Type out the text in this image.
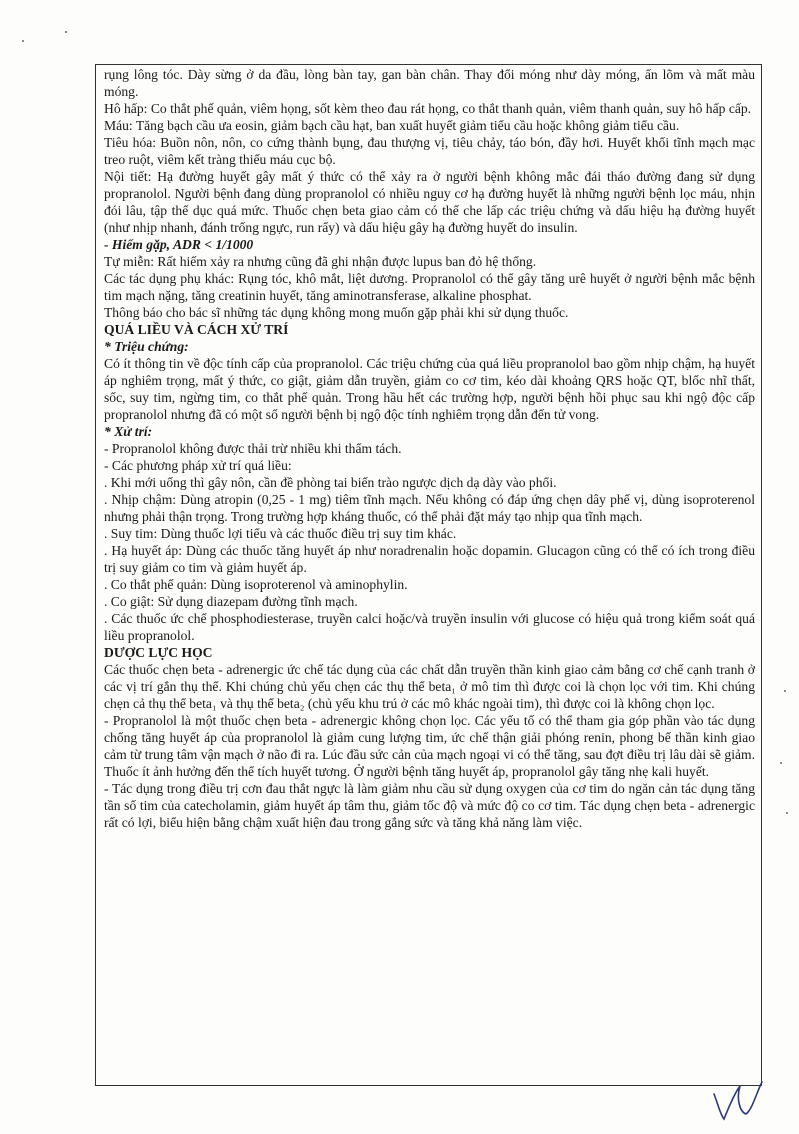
rụng lông tóc. Dày sừng ở da đầu, lòng bàn tay, gan bàn chân. Thay đổi móng như dày móng, ấn lõm và mất màu móng.

Hô hấp: Co thắt phế quản, viêm họng, sốt kèm theo đau rát họng, co thắt thanh quản, viêm thanh quản, suy hô hấp cấp.

Máu: Tăng bạch cầu ưa eosin, giảm bạch cầu hạt, ban xuất huyết giảm tiểu cầu hoặc không giảm tiểu cầu.

Tiêu hóa: Buồn nôn, nôn, co cứng thành bụng, đau thượng vị, tiêu chảy, táo bón, đầy hơi. Huyết khối tĩnh mạch mạc treo ruột, viêm kết tràng thiếu máu cục bộ.

Nội tiết: Hạ đường huyết gây mất ý thức có thể xảy ra ở người bệnh không mắc đái tháo đường đang sử dụng propranolol. Người bệnh đang dùng propranolol có nhiều nguy cơ hạ đường huyết là những người bệnh lọc máu, nhịn đói lâu, tập thể dục quá mức. Thuốc chẹn beta giao cảm có thể che lấp các triệu chứng và dấu hiệu hạ đường huyết (như nhịp nhanh, đánh trống ngực, run rẩy) và dấu hiệu gây hạ đường huyết do insulin.

- Hiếm gặp, ADR < 1/1000

Tự miễn: Rất hiếm xảy ra nhưng cũng đã ghi nhận được lupus ban đỏ hệ thống.

Các tác dụng phụ khác: Rụng tóc, khô mắt, liệt dương. Propranolol có thể gây tăng urê huyết ở người bệnh mắc bệnh tim mạch nặng, tăng creatinin huyết, tăng aminotransferase, alkaline phosphat.

Thông báo cho bác sĩ những tác dụng không mong muốn gặp phải khi sử dụng thuốc.

QUÁ LIỀU VÀ CÁCH XỬ TRÍ

* Triệu chứng:

Có ít thông tin về độc tính cấp của propranolol. Các triệu chứng của quá liều propranolol bao gồm nhịp chậm, hạ huyết áp nghiêm trọng, mất ý thức, co giật, giảm dẫn truyền, giảm co cơ tim, kéo dài khoảng QRS hoặc QT, blốc nhĩ thất, sốc, suy tim, ngừng tim, co thắt phế quản. Trong hầu hết các trường hợp, người bệnh hồi phục sau khi ngộ độc cấp propranolol nhưng đã có một số người bệnh bị ngộ độc tính nghiêm trọng dẫn đến tử vong.

* Xử trí:

- Propranolol không được thải trừ nhiều khi thẩm tách.

- Các phương pháp xử trí quá liều:

. Khi mới uống thì gây nôn, cần đề phòng tai biến trào ngược dịch dạ dày vào phổi.

. Nhịp chậm: Dùng atropin (0,25 - 1 mg) tiêm tĩnh mạch. Nếu không có đáp ứng chẹn dây phế vị, dùng isoproterenol nhưng phải thận trọng. Trong trường hợp kháng thuốc, có thể phải đặt máy tạo nhịp qua tĩnh mạch.

. Suy tim: Dùng thuốc lợi tiểu và các thuốc điều trị suy tim khác.

. Hạ huyết áp: Dùng các thuốc tăng huyết áp như noradrenalin hoặc dopamin. Glucagon cũng có thể có ích trong điều trị suy giảm co tim và giảm huyết áp.

. Co thắt phế quản: Dùng isoproterenol và aminophylin.

. Co giật: Sử dụng diazepam đường tĩnh mạch.

. Các thuốc ức chế phosphodiesterase, truyền calci hoặc/và truyền insulin với glucose có hiệu quả trong kiểm soát quá liều propranolol.

DƯỢC LỰC HỌC

Các thuốc chẹn beta - adrenergic ức chế tác dụng của các chất dẫn truyền thần kinh giao cảm bằng cơ chế cạnh tranh ở các vị trí gắn thụ thể. Khi chúng chủ yếu chẹn các thụ thể beta₁ ở mô tim thì được coi là chọn lọc với tim. Khi chúng chẹn cả thụ thể beta₁ và thụ thể beta₂ (chủ yếu khu trú ở các mô khác ngoài tim), thì được coi là không chọn lọc.

- Propranolol là một thuốc chẹn beta - adrenergic không chọn lọc. Các yếu tố có thể tham gia góp phần vào tác dụng chống tăng huyết áp của propranolol là giảm cung lượng tim, ức chế thận giải phóng renin, phong bế thần kinh giao cảm từ trung tâm vận mạch ở não đi ra. Lúc đầu sức cản của mạch ngoại vi có thể tăng, sau đợt điều trị lâu dài sẽ giảm. Thuốc ít ảnh hưởng đến thể tích huyết tương. Ở người bệnh tăng huyết áp, propranolol gây tăng nhẹ kali huyết.

- Tác dụng trong điều trị cơn đau thắt ngực là làm giảm nhu cầu sử dụng oxygen của cơ tim do ngăn cản tác dụng tăng tần số tim của catecholamin, giảm huyết áp tâm thu, giảm tốc độ và mức độ co cơ tim. Tác dụng chẹn beta - adrenergic rất có lợi, biểu hiện bằng chậm xuất hiện đau trong gắng sức và tăng khả năng làm việc.
